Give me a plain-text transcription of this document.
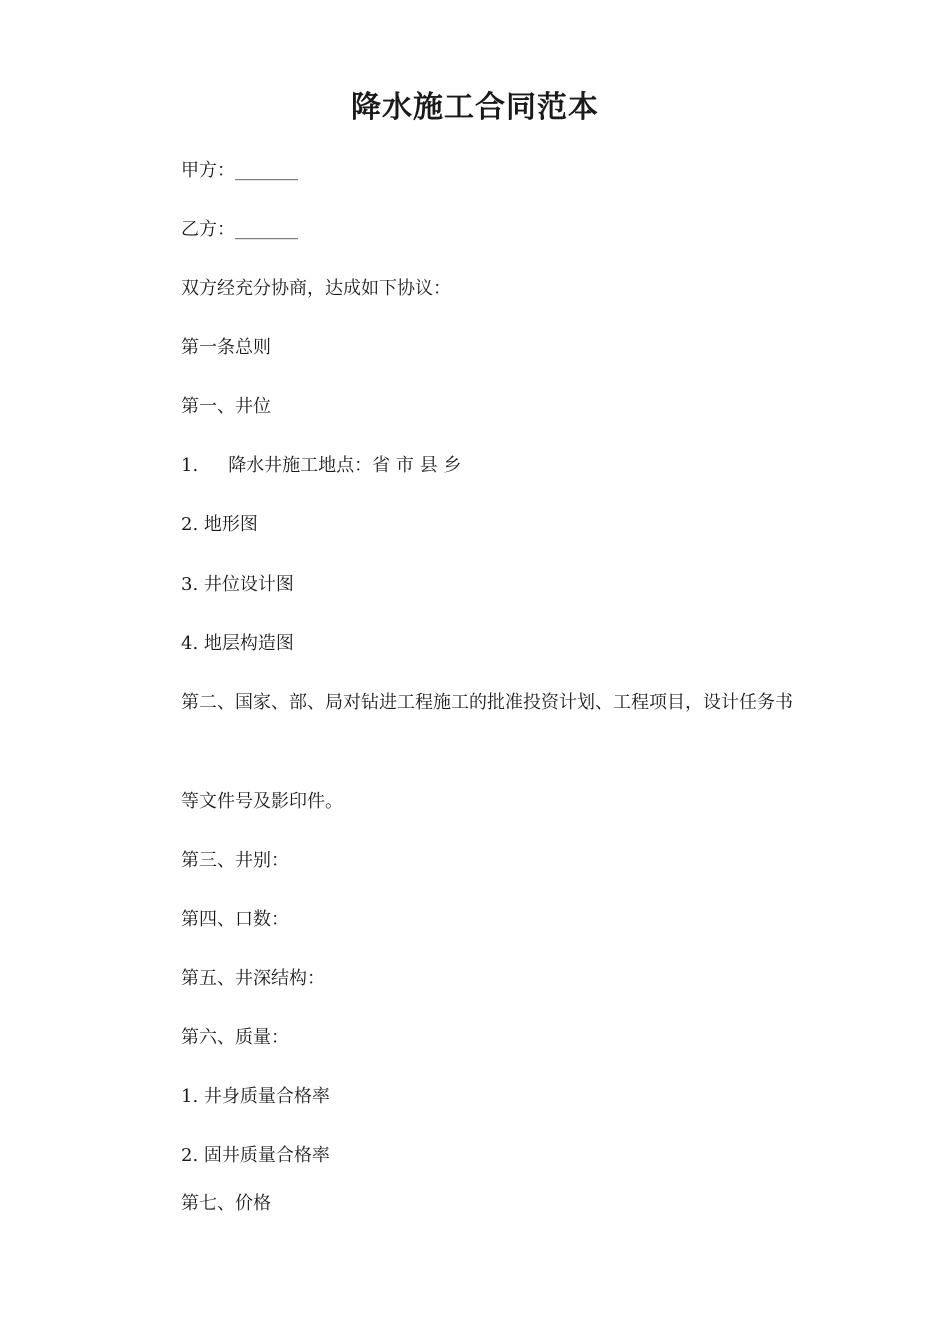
降水施工合同范本
甲方：_______
乙方：_______
双方经充分协商，达成如下协议：
第一条总则
第一、井位
1. 降水井施工地点：省 市 县 乡
2. 地形图
3. 井位设计图
4. 地层构造图
第二、国家、部、局对钻进工程施工的批准投资计划、工程项目，设计任务书
等文件号及影印件。
第三、井别：
第四、口数：
第五、井深结构：
第六、质量：
1. 井身质量合格率
2. 固井质量合格率
第七、价格
